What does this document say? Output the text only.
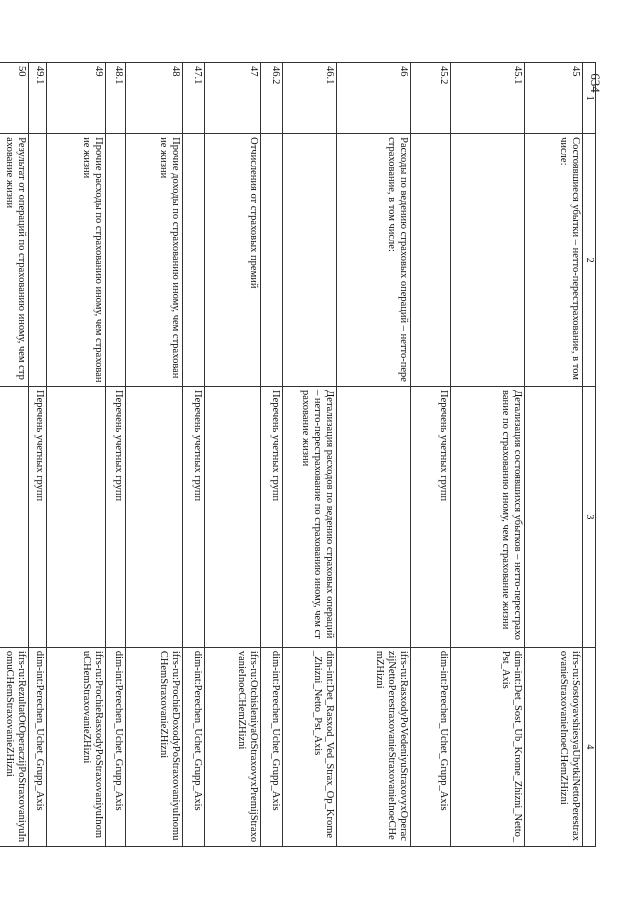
634
1	2	3	4
45	Состоявшиеся убытки – нетто-перестрахование, в том числе:		ifrs-ru:SostoyavshiesyaUbytkiNettoPerestraxovanieStraxovanieInoeCHemZHizni
45.1		Детализация состоявшихся убытков – нетто-перестрахование по страхованию иному, чем страхование жизни	dim-int:Det_Sost_Ub_Krome_Zhizni_Netto_Pst_Axis
45.2		Перечень учетных групп	dim-int:Perechen_Uchet_Grupp_Axis
46	Расходы по ведению страховых операций – нетто-перестрахование, в том числе:		ifrs-ru:RasxodyPoVedeniyuStraxovyxOperaczijNettoPerestraxovanieStraxovanieInoeCHemZHizni
46.1		Детализация расходов по ведению страховых операций – нетто-перестрахование по страхованию иному, чем страхование жизни	dim-int:Det_Rasxod_Ved_Strax_Op_Krome_Zhizni_Netto_Pst_Axis
46.2		Перечень учетных групп	dim-int:Perechen_Uchet_Grupp_Axis
47	Отчисления от страховых премий		ifrs-ru:OtchisleniyaOtStraxovyxPremijStraxovanieInoeCHemZHizni
47.1		Перечень учетных групп	dim-int:Perechen_Uchet_Grupp_Axis
48	Прочие доходы по страхованию иному, чем страхование жизни		ifrs-ru:ProchieDoxodyPoStraxovaniyuInomuCHemStraxovanieZHizni
48.1		Перечень учетных групп	dim-int:Perechen_Uchet_Grupp_Axis
49	Прочие расходы по страхованию иному, чем страхование жизни		ifrs-ru:ProchieRasxodyPoStraxovaniyuInomuCHemStraxovanieZHizni
49.1		Перечень учетных групп	dim-int:Perechen_Uchet_Grupp_Axis
50	Результат от операций по страхованию иному, чем страхование жизни		ifrs-ru:RezultatOtOperaczijPoStraxovaniyuInomuCHemStraxovanieZHizni
